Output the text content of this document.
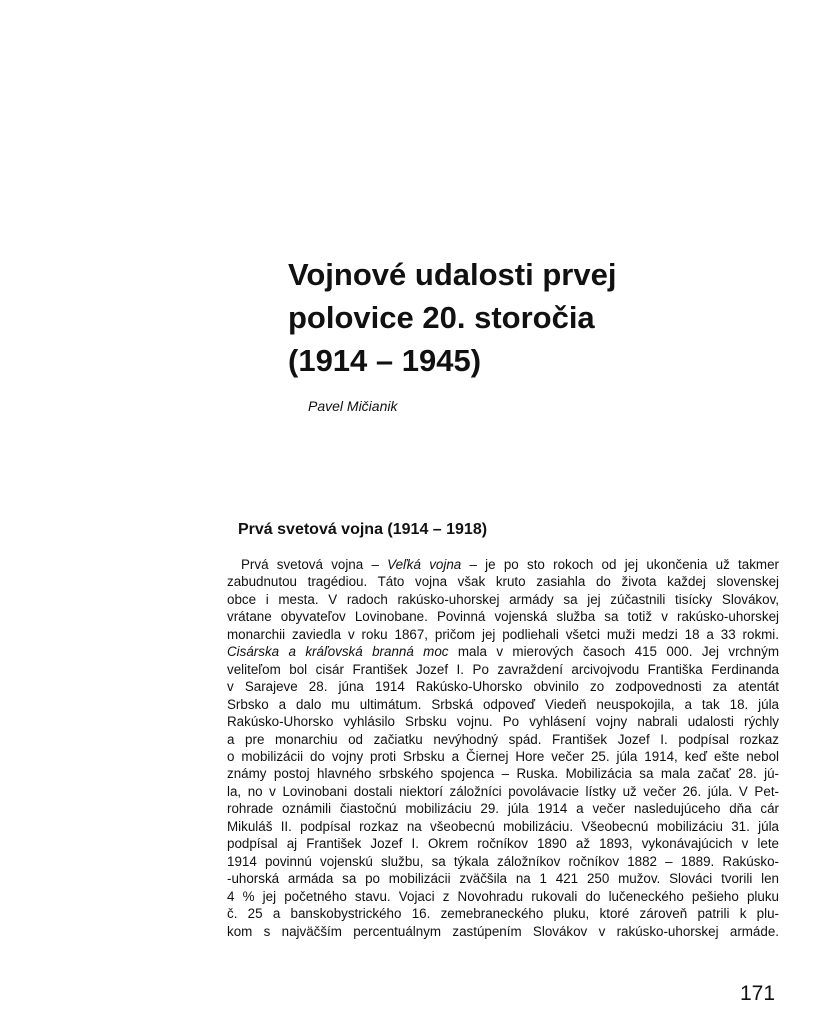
Vojnové udalosti prvej
polovice 20. storočia
(1914 – 1945)

Pavel Mičianik

Prvá svetová vojna (1914 – 1918)
Prvá svetová vojna – Veľká vojna – je po sto rokoch od jej ukončenia už takmer
zabudnutou tragédiou. Táto vojna však kruto zasiahla do života každej slovenskej
obce i mesta. V radoch rakúsko-uhorskej armády sa jej zúčastnili tisícky Slovákov,
vrátane obyvateľov Lovinobane. Povinná vojenská služba sa totiž v rakúsko-uhorskej
monarchii zaviedla v roku 1867, pričom jej podliehali všetci muži medzi 18 a 33 rokmi.
Cisárska a kráľovská branná moc mala v mierových časoch 415 000. Jej vrchným
veliteľom bol cisár František Jozef I. Po zavraždení arcivojvodu Františka Ferdinanda
v Sarajeve 28. júna 1914 Rakúsko-Uhorsko obvinilo zo zodpovednosti za atentát
Srbsko a dalo mu ultimátum. Srbská odpoveď Viedeň neuspokojila, a tak 18. júla
Rakúsko-Uhorsko vyhlásilo Srbsku vojnu. Po vyhlásení vojny nabrali udalosti rýchly
a pre monarchiu od začiatku nevýhodný spád. František Jozef I. podpísal rozkaz
o mobilizácii do vojny proti Srbsku a Čiernej Hore večer 25. júla 1914, keď ešte nebol
známy postoj hlavného srbského spojenca – Ruska. Mobilizácia sa mala začať 28. jú-
la, no v Lovinobani dostali niektorí záložníci povolávacie lístky už večer 26. júla. V Pet-
rohrade oznámili čiastočnú mobilizáciu 29. júla 1914 a večer nasledujúceho dňa cár
Mikuláš II. podpísal rozkaz na všeobecnú mobilizáciu. Všeobecnú mobilizáciu 31. júla
podpísal aj František Jozef I. Okrem ročníkov 1890 až 1893, vykonávajúcich v lete
1914 povinnú vojenskú službu, sa týkala záložníkov ročníkov 1882 – 1889. Rakúsko-
-uhorská armáda sa po mobilizácii zväčšila na 1 421 250 mužov. Slováci tvorili len
4 % jej početného stavu. Vojaci z Novohradu rukovali do lučeneckého pešieho pluku
č. 25 a banskobystrického 16. zemebraneckého pluku, ktoré zároveň patrili k plu-
kom s najväčším percentuálnym zastúpením Slovákov v rakúsko-uhorskej armáde.
171
